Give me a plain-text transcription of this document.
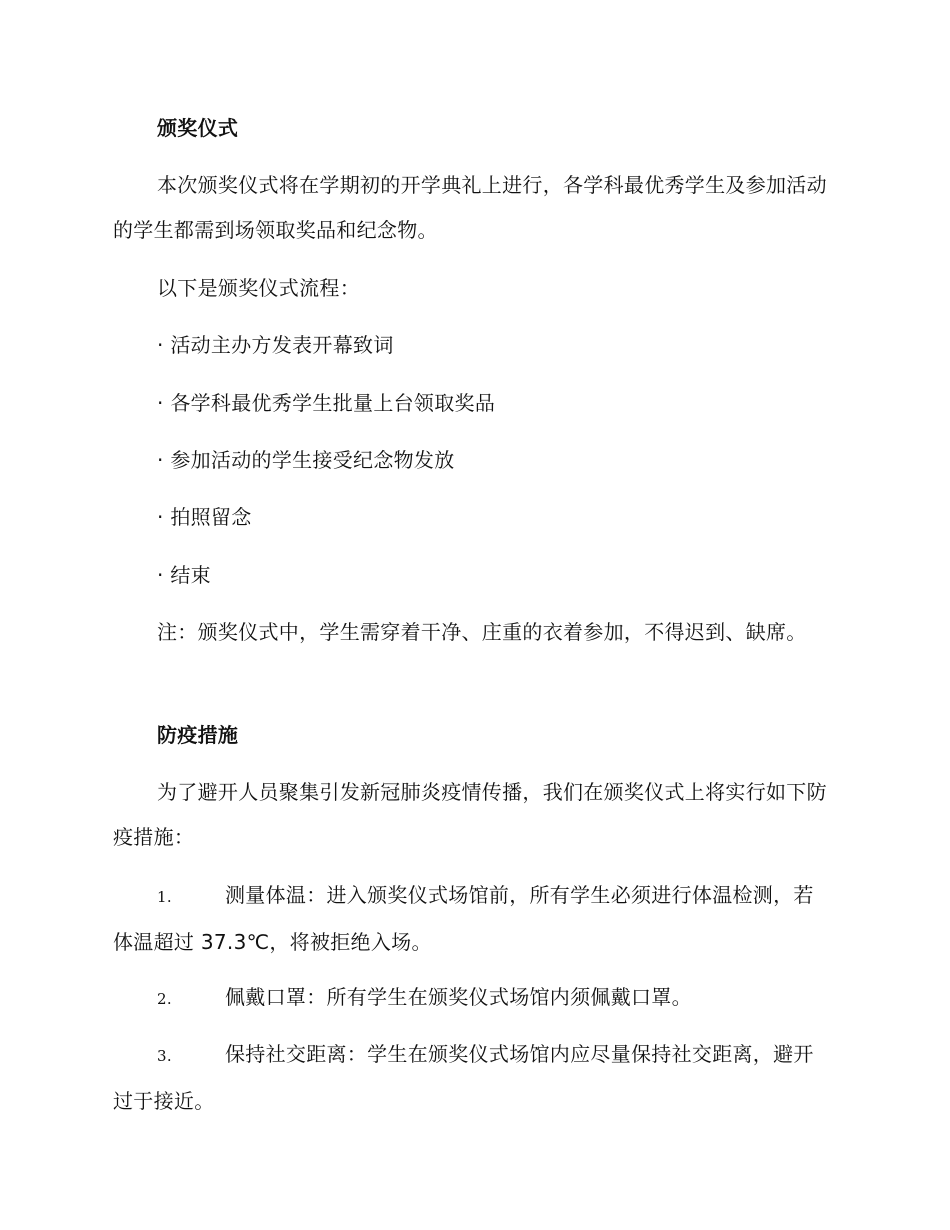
颁奖仪式
本次颁奖仪式将在学期初的开学典礼上进行，各学科最优秀学生及参加活动的学生都需到场领取奖品和纪念物。
以下是颁奖仪式流程：
· 活动主办方发表开幕致词
· 各学科最优秀学生批量上台领取奖品
· 参加活动的学生接受纪念物发放
· 拍照留念
· 结束
注：颁奖仪式中，学生需穿着干净、庄重的衣着参加，不得迟到、缺席。
防疫措施
为了避开人员聚集引发新冠肺炎疫情传播，我们在颁奖仪式上将实行如下防疫措施：
1.	测量体温：进入颁奖仪式场馆前，所有学生必须进行体温检测，若体温超过 37.3℃，将被拒绝入场。
2.	佩戴口罩：所有学生在颁奖仪式场馆内须佩戴口罩。
3.	保持社交距离：学生在颁奖仪式场馆内应尽量保持社交距离，避开过于接近。
